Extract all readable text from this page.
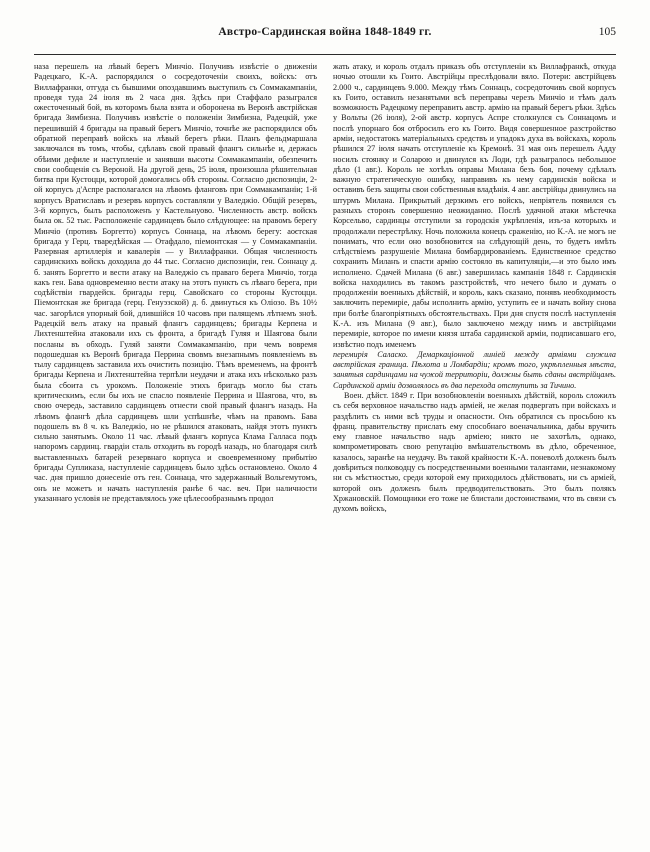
Австро-Сардинская война 1848-1849 гг.	105

наза перешелъ на лѣвый берегъ Минчіо. Получивъ извѣстіе о движеніи Радецкаго, К.-А. распорядился о сосредоточеніи своихъ, войскъ: отъ Виллафранки, отгуда съ бывшими опоздавшимъ выступилъ съ Соммакампаніи, проведя туда 24 іюля въ 2 часа дня. Здѣсь при Стаффало разыгрался ожесточенный бой, въ которомъ была взята и оборонена въ Веронѣ австрійская бригада Зимбизна. Получивъ извѣстіе о положеніи Зимбизна, Радецкій, уже перешившій 4 бригады на правый берегъ Минчіо, точнѣе же распорядился объ обратной переправѣ войскъ на лѣвый берегъ рѣки. Планъ фельдмаршала заключался въ томъ, чтобы, сдѣлавъ свой правый флангъ сильнѣе и, держась обѣими дефиле и наступленіе и занявши высоты Соммакампаніи, обезпечить свои сообщенія съ Вероной. На другой день, 25 іюля, произошла рѣшительная битва при Кустоцци, которой домогались обѣ стороны. Согласно диспозиціи, 2-ой корпусъ д'Аспре располагался на лѣвомъ фланговъ при Соммакампаніи; 1-й корпусъ Вратиславъ и резервъ корпусъ составляли у Валеджіо. Общій резервъ, 3-й корпусъ, былъ расположенъ у Кастельнуово. Численность австр. войскъ была ок. 52 тыс. Расположеніе сардинцевъ было слѣдующее: на правомъ берегу Минчіо (противъ Боргетто) корпусъ Соннаца, на лѣвомъ берегу: аоєтская бригада у Герц. тваредѣйская — Отафдало, піемонтская — у Соммакампаніи. Разервная артиллерія и кавалерія — у Виллафранки. Общая численность сардинскихъ войскъ доходила до 44 тыс. Согласно диспозиціи, ген. Соннацу д. б. занять Боргетто и вести атаку на Валеджіо съ праваго берега Минчіо, тогда какъ ген. Бава одновременно вести атаку на этотъ пунктъ съ лѣваго берега, при содѣйствіи гвардейск. бригады герц. Савойскаго со стороны Кустоцци. Піемонтская же бригада (герц. Генуэзской) д. б. двинуться къ Оліозо. Въ 10½ час. загорѣлся упорный бой, длившійся 10 часовъ при палящемъ лѣтнемъ зноѣ. Радецкій велъ атаку на правый флангъ сардинцевъ; бригады Керпена и Лихтенштейна атаковали ихъ съ фронта, а бригадѣ Гуляя и Шаягова были посланы въ обходъ. Гуляй заняти Соммакампанію, при чемъ вовремя подошедшая къ Веронѣ бригада Перрина свовмъ внезапнымъ появленіемъ въ тылу сардинцевъ заставила ихъ очистить позицію. Тѣмъ временемъ, на фронтѣ бригады Керпена и Лихтенштейна терпѣли неудачи и атака ихъ нѣсколько разъ была сбоита съ урокомъ. Положеніе этихъ бригадъ могло бы стать критическимъ, если бы ихъ не спасло появленіе Перрина и Шаягова, что, въ свою очередь, заставило сардинцевъ отнести свой правый флангъ назадъ. На лѣвомъ флангѣ дѣла сардинцевъ шли успѣшнѣе, чѣмъ на правомъ. Бава подошелъ въ 8 ч. къ Валеджіо, но не рѣшился атаковать, найдя этотъ пунктъ сильно занятымъ. Около 11 час. лѣвый флангъ корпуса Клама Галласа подъ напоромъ сардинц. гвардіи сталь отходить въ городѣ назадъ, но благодаря силѣ выставленныхъ батарей резервнаго корпуса и своевременному прибытію бригады Супликаза, наступленіе сардинцевъ было здѣсь остановлено. Около 4 час. дня пришло донесеніе отъ ген. Соннаца, что задержанный Вольгемутомъ, онъ не можетъ и начать наступленія ранѣе 6 час. веч. При наличности указаннаго условія не представлялось уже цѣлесообразнымъ продол

жать атаку, и король отдалъ приказъ объ отступленіи къ Виллафранкѣ, откуда ночью отошли къ Гоито. Австрійцы преслѣдовали вяло. Потери: австрійцевъ 2.000 ч., сардинцевъ 9.000. Между тѣмъ Соннацъ, сосредоточивъ свой корпусъ къ Гоито, оставилъ незанятыми всѣ переправы черезъ Минчіо и тѣмъ далъ возможность Радецкому переправить австр. армію на правый берегъ рѣки. Здѣсь у Вольты (26 іюля), 2-ой австр. корпусъ Аспре столкнулся съ Соннацомъ и послѣ упорнаго боя отбросилъ его къ Гоито. Видя совершенное разстройство арміи, недостатокъ матеріальныхъ средствъ и упадокъ духа въ войскахъ, король рѣшился 27 іюля начать отступленіе къ Кремонѣ. 31 мая онъ перешелъ Адду носилъ стоянку и Соларою и двинулся къ Лоди, гдѣ разыгралось небольшое дѣло (1 авг.). Король не хотѣлъ оправы Милана безъ боя, почему сдѣлалъ важную стратегическую ошибку, направивъ къ нему сардинскія войска и оставивъ безъ защиты свои собственныя владѣнія. 4 авг. австрійцы двинулись на штурмъ Милана. Прикрытый дерзкимъ его войскъ, непріятель появился съ разныхъ сторонъ совершенно неожиданно. Послѣ удачной атаки мѣстечка Корсельво, сардинцы отступили за городскія укрѣпленія, изъ-за которыхъ и продолжали перестрѣлку. Ночь положила конецъ сраженію, но К.-А. не могъ не понимать, что если оно возобновится на слѣдующій день, то будетъ имѣть слѣдствіемъ разрушеніе Милана бомбардированіемъ. Единственное средство сохранить Миланъ и спасти армію состояло въ капитуляціи,—и это было имъ исполнено. Сдачей Милана (6 авг.) завершилась кампанія 1848 г. Сардинскія войска находились въ такомъ разстройствѣ, что нечего было и думать о продолженіи военныхъ дѣйствій, и король, какъ сказано, понявъ необходимость заключить перемиріе, дабы исполнить армію, уступить ее и начать войну снова при болѣе благопріятныхъ обстоятельствахъ. При дня спустя послѣ наступленія К.-А. изъ Милана (9 авг.), было заключено между нимъ и австрійцами перемиріе, которое по имени князя штаба сардинской арміи, подписавшаго его, извѣстно подъ именемъ

перемирія Саласко. Демаркаціонной линіей между арміями служила австрійская граница. Пѣхота и Ломбардіи; кромѣ того, укрѣпленныя мѣста, занятыя сардинцами на чужой территоріи, должны быть сданы австрійцамъ. Сардинской арміи дозволялось въ два перехода отступить за Тичино.

Воен. дѣйст. 1849 г. При возобновленіи военныхъ дѣйствій, король сложилъ съ себя верховное начальство надъ арміей, не желая подвергать при войскахъ и раздѣлить съ ними всѣ труды и опасности. Онъ обратился съ просьбою къ франц. правительству прислать ему способнаго военачальника, дабы вручить ему главное начальство надъ арміею; никто не захотѣлъ, однако, компрометировать свою репутацію вмѣшательствомъ въ дѣло, обреченное, казалось, заранѣе на неудачу. Въ такой крайности К.-А. поневолѣ долженъ былъ довѣриться полководцу съ посредственными военными талантами, незнакомому ни съ мѣстностью, среди которой ему приходилось дѣйствовать, ни съ арміей, которой онъ долженъ былъ предводительствовать. Это былъ полякъ Хржановскій. Помощники его тоже не блистали достоинствами, что въ связи съ духомъ войскъ,
